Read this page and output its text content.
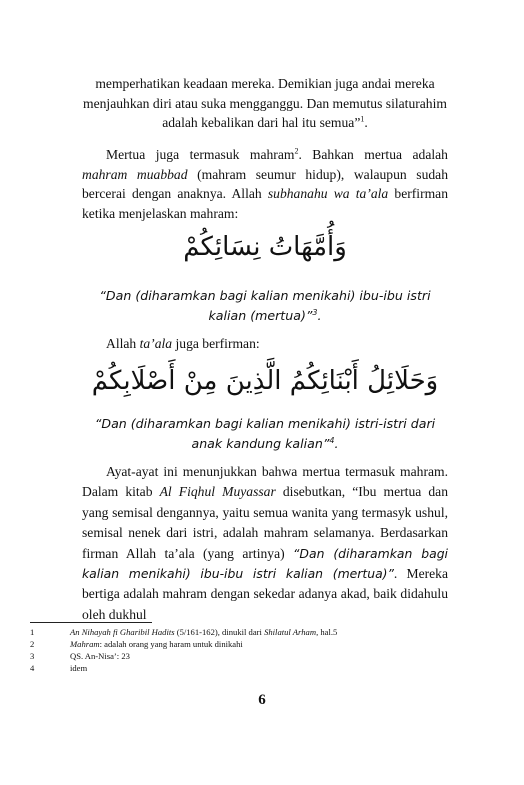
memperhatikan keadaan mereka. Demikian juga andai mereka
menjauhkan diri atau suka mengganggu. Dan memutus silaturahim
adalah kebalikan dari hal itu semua”$^1$.
Mertua juga termasuk mahram$^2$. Bahkan mertua adalah mahram muabbad (mahram seumur hidup), walaupun sudah bercerai dengan anaknya. Allah subhanahu wa ta’ala berfirman ketika menjelaskan mahram:
وَأُمَّهَاتُ نِسَائِكُمْ
“Dan (diharamkan bagi kalian menikahi) ibu-ibu istri kalian (mertua)”$^3$.
Allah ta’ala juga berfirman:
وَحَلَائِلُ أَبْنَائِكُمُ الَّذِينَ مِنْ أَصْلَابِكُمْ
“Dan (diharamkan bagi kalian menikahi) istri-istri dari anak kandung kalian”$^4$.
Ayat-ayat ini menunjukkan bahwa mertua termasuk mahram. Dalam kitab Al Fiqhul Muyassar disebutkan, “Ibu mertua dan yang semisal dengannya, yaitu semua wanita yang termasyk ushul, semisal nenek dari istri, adalah mahram selamanya. Berdasarkan firman Allah ta’ala (yang artinya) “Dan (diharamkan bagi kalian menikahi) ibu-ibu istri kalian (mertua)”. Mereka bertiga adalah mahram dengan sekedar adanya akad, baik didahulu oleh dukhul
1	An Nihayah fi Gharibil Hadits (5/161-162), dinukil dari Shilatul Arham, hal.5
2	Mahram: adalah orang yang haram untuk dinikahi
3	QS. An-Nisa’: 23
4	idem
6
